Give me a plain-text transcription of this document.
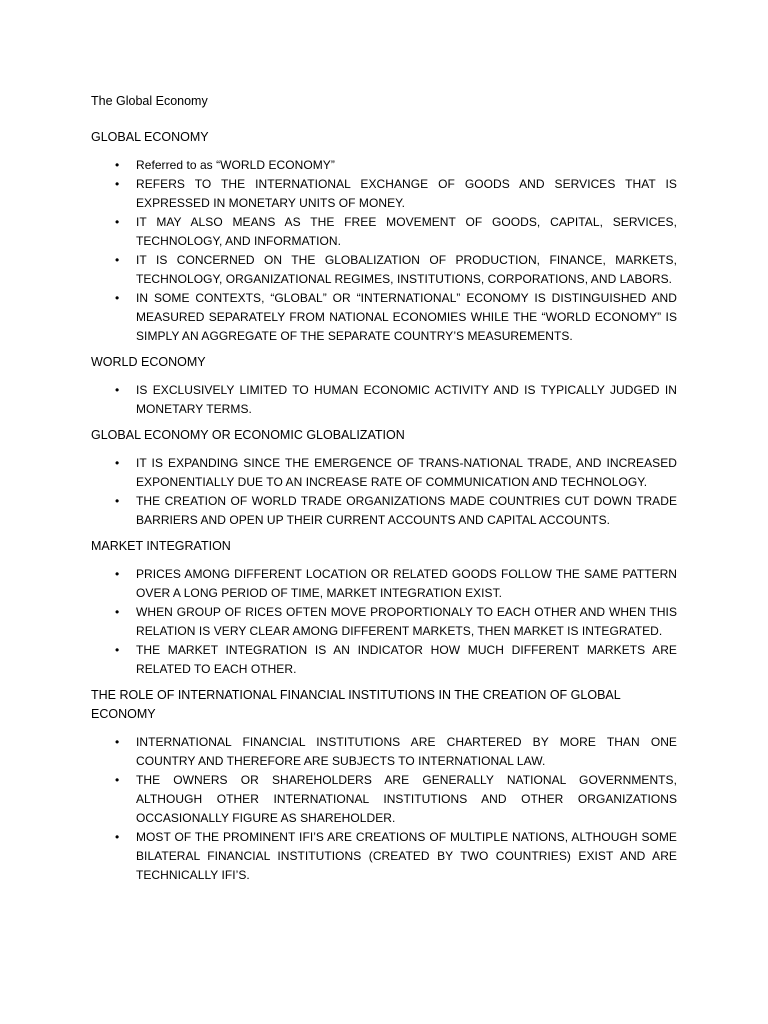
The Global Economy
GLOBAL ECONOMY
• Referred to as “WORLD ECONOMY”
• REFERS TO THE INTERNATIONAL EXCHANGE OF GOODS AND SERVICES THAT IS EXPRESSED IN MONETARY UNITS OF MONEY.
• IT MAY ALSO MEANS AS THE FREE MOVEMENT OF GOODS, CAPITAL, SERVICES, TECHNOLOGY, AND INFORMATION.
• IT IS CONCERNED ON THE GLOBALIZATION OF PRODUCTION, FINANCE, MARKETS, TECHNOLOGY, ORGANIZATIONAL REGIMES, INSTITUTIONS, CORPORATIONS, AND LABORS.
• IN SOME CONTEXTS, “GLOBAL” OR “INTERNATIONAL” ECONOMY IS DISTINGUISHED AND MEASURED SEPARATELY FROM NATIONAL ECONOMIES WHILE THE “WORLD ECONOMY” IS SIMPLY AN AGGREGATE OF THE SEPARATE COUNTRY’S MEASUREMENTS.
WORLD ECONOMY
• IS EXCLUSIVELY LIMITED TO HUMAN ECONOMIC ACTIVITY AND IS TYPICALLY JUDGED IN MONETARY TERMS.
GLOBAL ECONOMY OR ECONOMIC GLOBALIZATION
• IT IS EXPANDING SINCE THE EMERGENCE OF TRANS-NATIONAL TRADE, AND INCREASED EXPONENTIALLY DUE TO AN INCREASE RATE OF COMMUNICATION AND TECHNOLOGY.
• THE CREATION OF WORLD TRADE ORGANIZATIONS MADE COUNTRIES CUT DOWN TRADE BARRIERS AND OPEN UP THEIR CURRENT ACCOUNTS AND CAPITAL ACCOUNTS.
MARKET INTEGRATION
• PRICES AMONG DIFFERENT LOCATION OR RELATED GOODS FOLLOW THE SAME PATTERN OVER A LONG PERIOD OF TIME, MARKET INTEGRATION EXIST.
• WHEN GROUP OF RICES OFTEN MOVE PROPORTIONALY TO EACH OTHER AND WHEN THIS RELATION IS VERY CLEAR AMONG DIFFERENT MARKETS, THEN MARKET IS INTEGRATED.
• THE MARKET INTEGRATION IS AN INDICATOR HOW MUCH DIFFERENT MARKETS ARE RELATED TO EACH OTHER.
THE ROLE OF INTERNATIONAL FINANCIAL INSTITUTIONS IN THE CREATION OF GLOBAL ECONOMY
• INTERNATIONAL FINANCIAL INSTITUTIONS ARE CHARTERED BY MORE THAN ONE COUNTRY AND THEREFORE ARE SUBJECTS TO INTERNATIONAL LAW.
• THE OWNERS OR SHAREHOLDERS ARE GENERALLY NATIONAL GOVERNMENTS, ALTHOUGH OTHER INTERNATIONAL INSTITUTIONS AND OTHER ORGANIZATIONS OCCASIONALLY FIGURE AS SHAREHOLDER.
• MOST OF THE PROMINENT IFI’S ARE CREATIONS OF MULTIPLE NATIONS, ALTHOUGH SOME BILATERAL FINANCIAL INSTITUTIONS (CREATED BY TWO COUNTRIES) EXIST AND ARE TECHNICALLY IFI’S.
